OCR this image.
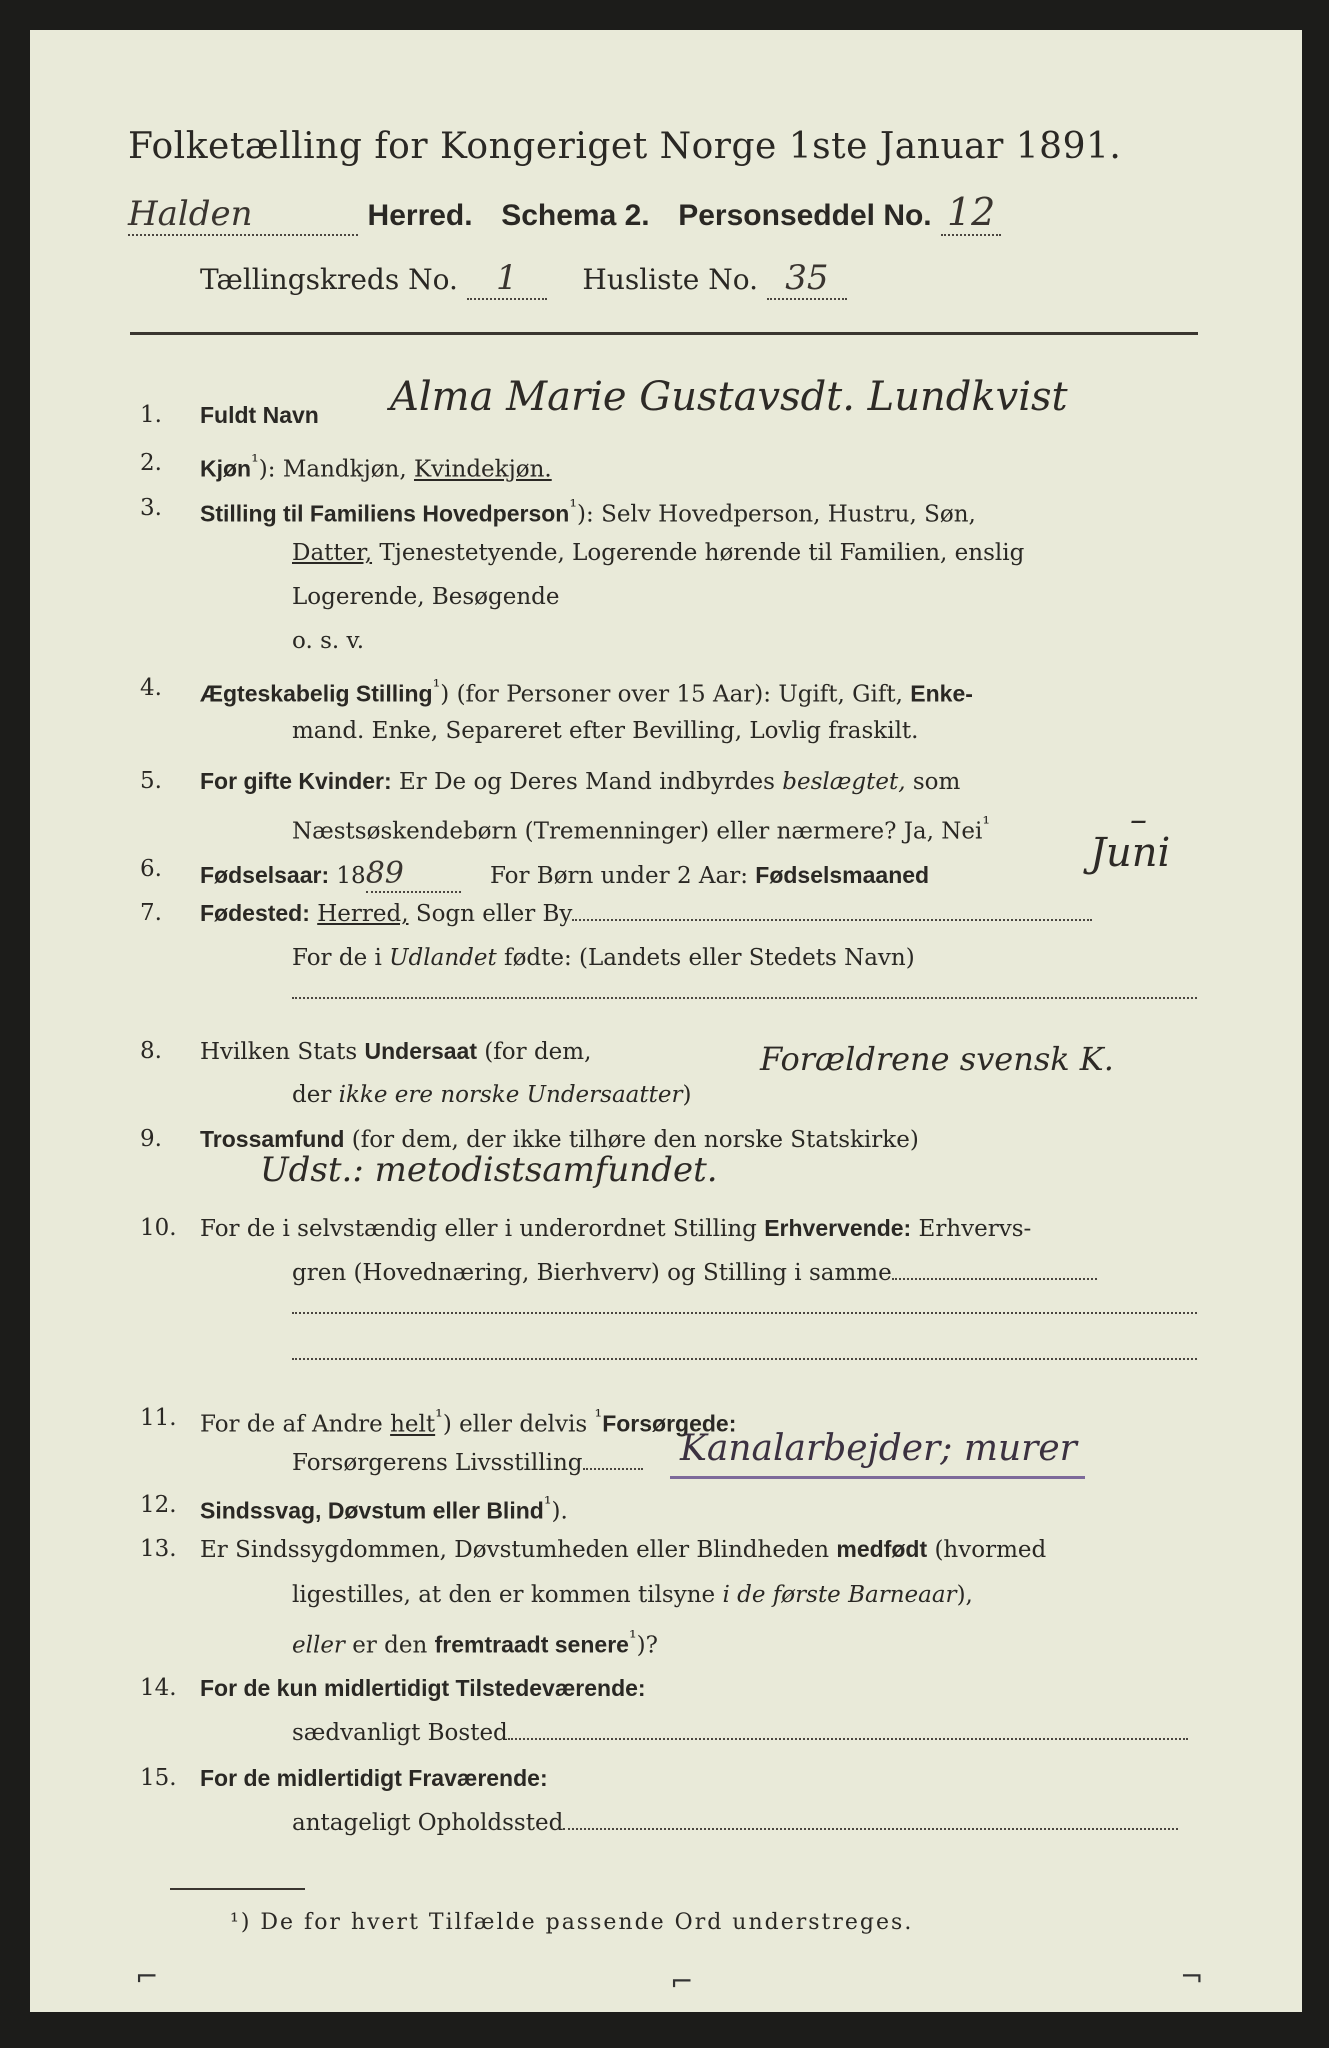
Folketælling for Kongeriget Norge 1ste Januar 1891.
Halden	Herred. Schema 2. Personseddel No. 12
Tællingskreds No. 1 Husliste No. 35
1. Fuldt Navn Alma Marie Gustavsdt. Lundkvist
2. Kjøn$^{^1}$): Mandkjøn, Kvindekjøn.
3. Stilling til Familiens Hovedperson$^{^1}$): Selv Hovedperson, Hustru, Søn,
Datter, Tjenestetyende, Logerende hørende til Familien, enslig
Logerende, Besøgende
o. s. v.
4. Ægteskabelig Stilling$^{^1}$) (for Personer over 15 Aar): Ugift, Gift, Enke-
mand. Enke, Separeret efter Bevilling, Lovlig fraskilt.
5. For gifte Kvinder: Er De og Deres Mand indbyrdes beslægtet, som
Næstsøskendebørn (Tremenninger) eller nærmere? Ja, Nei$^{^1}$	–
6. Fødselsaar: 1889	For Børn under 2 Aar: Fødselsmaaned	Juni
7. Fødested: Herred, Sogn eller By
For de i Udlandet fødte: (Landets eller Stedets Navn)
8. Hvilken Stats Undersaat (for dem,
der ikke ere norske Undersaatter)
Forældrene svensk K.
9. Trossamfund (for dem, der ikke tilhøre den norske Statskirke)
Udst.: metodistsamfundet.
10. For de i selvstændig eller i underordnet Stilling Erhvervende: Erhvervs-
gren (Hovednæring, Bierhverv) og Stilling i samme
11. For de af Andre helt$^{^1}$) eller delvis $^{^1}$Forsørgede:
Forsørgerens Livsstilling	Kanalarbejder; murer
12. Sindssvag, Døvstum eller Blind$^{^1}$).
13. Er Sindssygdommen, Døvstumheden eller Blindheden medfødt (hvormed
ligestilles, at den er kommen tilsyne i de første Barneaar),
eller er den fremtraadt senere$^{^1}$)?
14. For de kun midlertidigt Tilstedeværende:
sædvanligt Bosted
15. For de midlertidigt Fraværende:
antageligt Opholdssted
¹) De for hvert Tilfælde passende Ord understreges.
⌐	⌐	¬
